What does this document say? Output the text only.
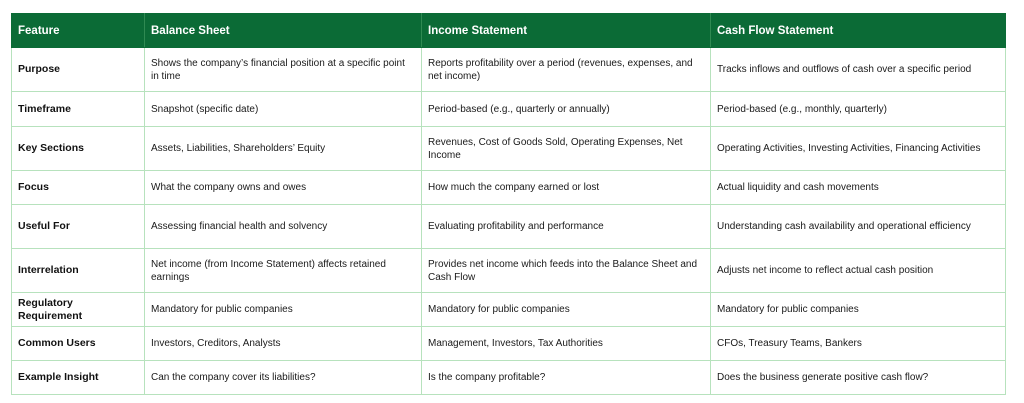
Feature	Balance Sheet	Income Statement	Cash Flow Statement
Purpose	Shows the company’s financial position at a specific point in time	Reports profitability over a period (revenues, expenses, and net income)	Tracks inflows and outflows of cash over a specific period
Timeframe	Snapshot (specific date)	Period-based (e.g., quarterly or annually)	Period-based (e.g., monthly, quarterly)
Key Sections	Assets, Liabilities, Shareholders’ Equity	Revenues, Cost of Goods Sold, Operating Expenses, Net Income	Operating Activities, Investing Activities, Financing Activities
Focus	What the company owns and owes	How much the company earned or lost	Actual liquidity and cash movements
Useful For	Assessing financial health and solvency	Evaluating profitability and performance	Understanding cash availability and operational efficiency
Interrelation	Net income (from Income Statement) affects retained earnings	Provides net income which feeds into the Balance Sheet and Cash Flow	Adjusts net income to reflect actual cash position
Regulatory Requirement	Mandatory for public companies	Mandatory for public companies	Mandatory for public companies
Common Users	Investors, Creditors, Analysts	Management, Investors, Tax Authorities	CFOs, Treasury Teams, Bankers
Example Insight	Can the company cover its liabilities?	Is the company profitable?	Does the business generate positive cash flow?
